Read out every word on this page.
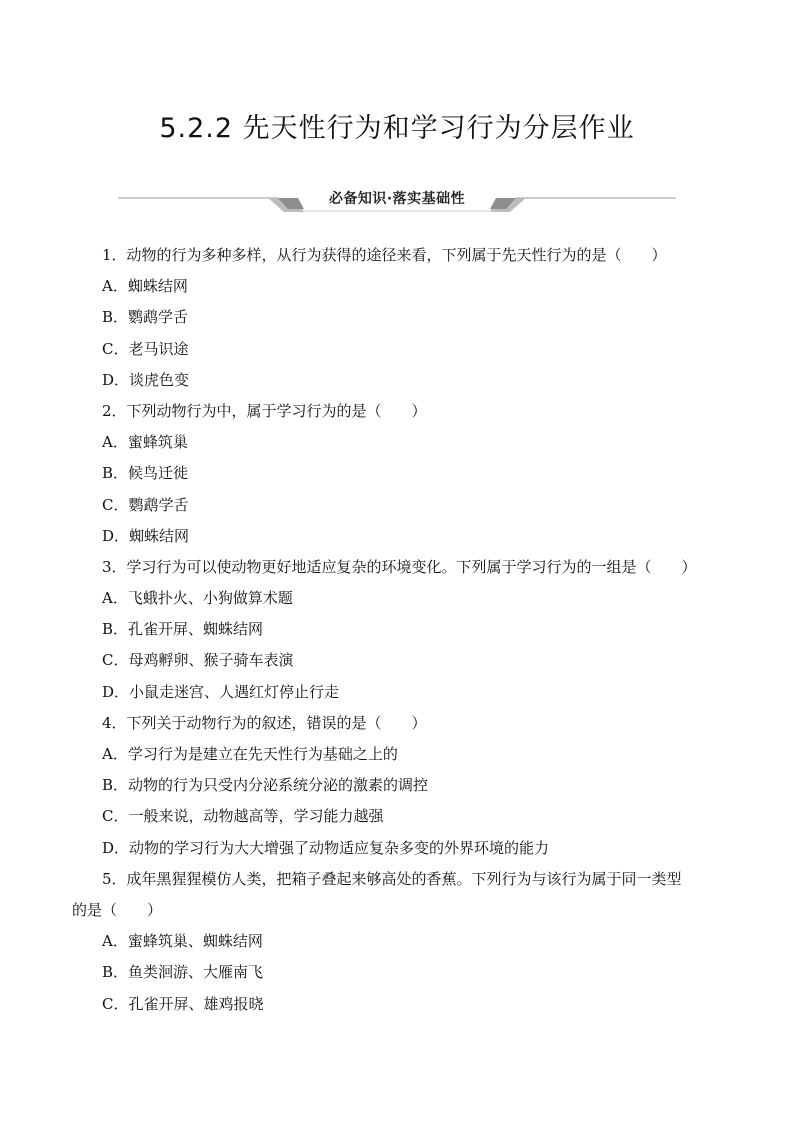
5.2.2 先天性行为和学习行为分层作业
必备知识·落实基础性
1．动物的行为多种多样，从行为获得的途径来看，下列属于先天性行为的是（　　）
A．蜘蛛结网
B．鹦鹉学舌
C．老马识途
D．谈虎色变
2．下列动物行为中，属于学习行为的是（　　）
A．蜜蜂筑巢
B．候鸟迁徙
C．鹦鹉学舌
D．蜘蛛结网
3．学习行为可以使动物更好地适应复杂的环境变化。下列属于学习行为的一组是（　　）
A．飞蛾扑火、小狗做算术题
B．孔雀开屏、蜘蛛结网
C．母鸡孵卵、猴子骑车表演
D．小鼠走迷宫、人遇红灯停止行走
4．下列关于动物行为的叙述，错误的是（　　）
A．学习行为是建立在先天性行为基础之上的
B．动物的行为只受内分泌系统分泌的激素的调控
C．一般来说，动物越高等，学习能力越强
D．动物的学习行为大大增强了动物适应复杂多变的外界环境的能力
5．成年黑猩猩模仿人类，把箱子叠起来够高处的香蕉。下列行为与该行为属于同一类型
的是（　　）
A．蜜蜂筑巢、蜘蛛结网
B．鱼类洄游、大雁南飞
C．孔雀开屏、雄鸡报晓
